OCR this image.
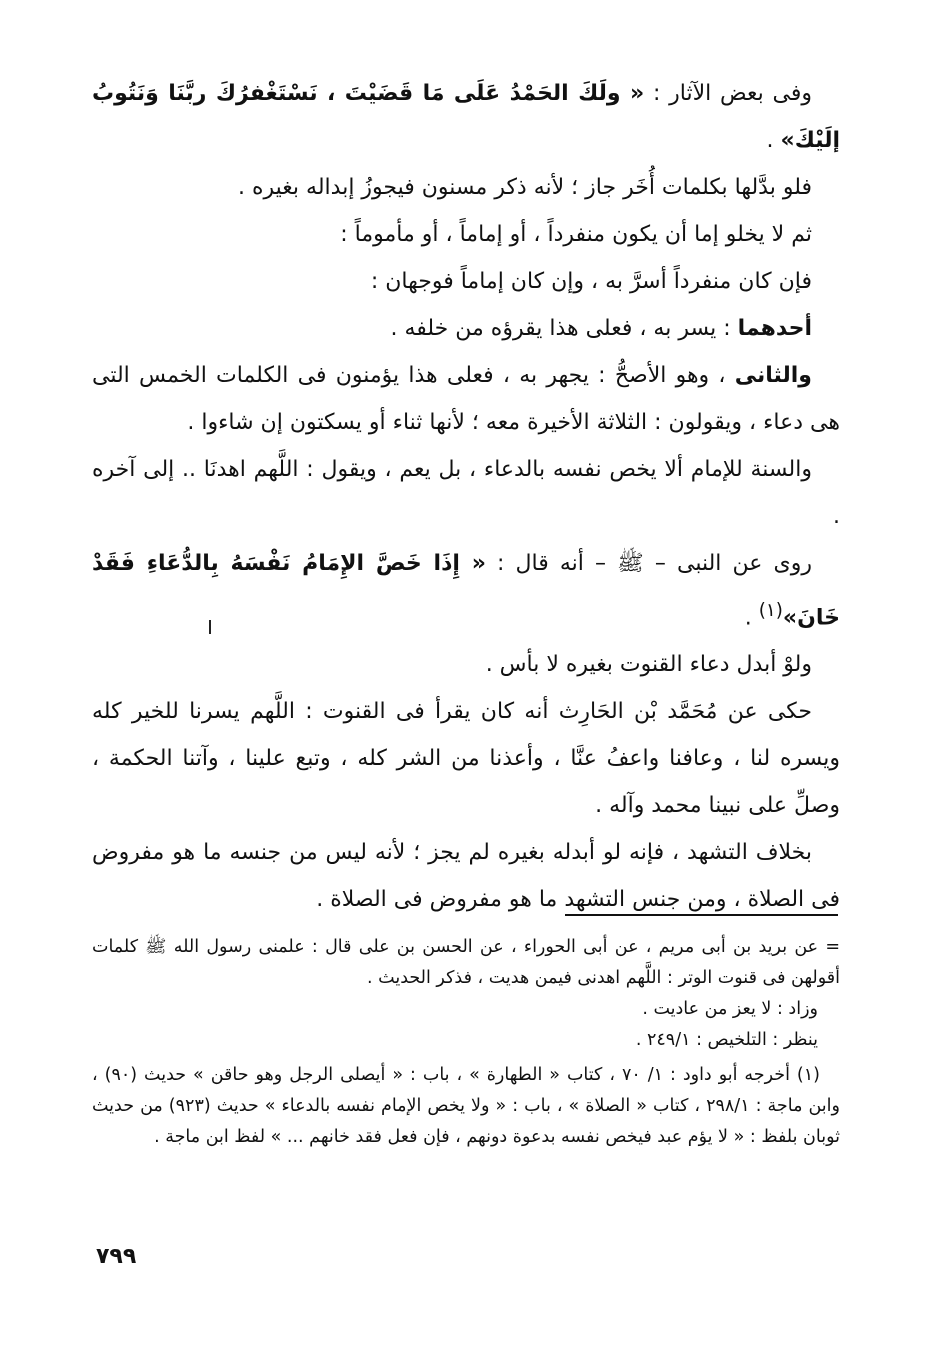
وفى بعض الآثار : « ولَكَ الحَمْدُ عَلَى مَا قَضَيْتَ ، نَسْتَغْفرُكَ ربَّنَا وَنَتُوبُ إلَيْكَ» .

فلو بدَّلها بكلمات أُخَر جاز ؛ لأنه ذكر مسنون فيجوزُ إبداله بغيره .

ثم لا يخلو إما أن يكون منفرداً ، أو إماماً ، أو مأموماً :

فإن كان منفرداً أسرَّ به ، وإن كان إماماً فوجهان :

أحدهما : يسر به ، فعلى هذا يقرؤه من خلفه .

والثانى ، وهو الأصحُّ : يجهر به ، فعلى هذا يؤمنون فى الكلمات الخمس التى هى دعاء ، ويقولون : الثلاثة الأخيرة معه ؛ لأنها ثناء أو يسكتون إن شاءوا .

والسنة للإمام ألا يخص نفسه بالدعاء ، بل يعم ، ويقول : اللَّهم اهدنَا .. إلى آخره .

روى عن النبى – ﷺ – أنه قال : « إِذَا خَصَّ الإِمَامُ نَفْسَهُ بِالدُّعَاءِ فَقَدْ خَانَ»$^{(١)}$ .

ولوْ أبدل دعاء القنوت بغيره لا بأس .

حكى عن مُحَمَّد بْن الحَارِث أنه كان يقرأ فى القنوت : اللَّهم يسرنا للخير كله ويسره لنا ، وعافنا واعفُ عنَّا ، وأعذنا من الشر كله ، وتبع علينا ، وآتنا الحكمة ، وصلِّ على نبينا محمد وآله .

بخلاف التشهد ، فإنه لو أبدله بغيره لم يجز ؛ لأنه ليس من جنسه ما هو مفروض فى الصلاة ، ومن جنس التشهد ما هو مفروض فى الصلاة .

= عن بريد بن أبى مريم ، عن أبى الحوراء ، عن الحسن بن على قال : علمنى رسول الله ﷺ كلمات أقولهن فى قنوت الوتر : اللَّهم اهدنى فيمن هديت ، فذكر الحديث .

وزاد : لا يعز من عاديت .

ينظر : التلخيص : ٢٤٩/١ .

(١) أخرجه أبو داود : ١/ ٧٠ ، كتاب « الطهارة » ، باب : « أيصلى الرجل وهو حاقن » حديث (٩٠) ، وابن ماجة : ٢٩٨/١ ، كتاب « الصلاة » ، باب : « ولا يخص الإمام نفسه بالدعاء » حديث (٩٢٣) من حديث ثوبان بلفظ : « لا يؤم عبد فيخص نفسه بدعوة دونهم ، فإن فعل فقد خانهم ... » لفظ ابن ماجة .

٧٩٩
